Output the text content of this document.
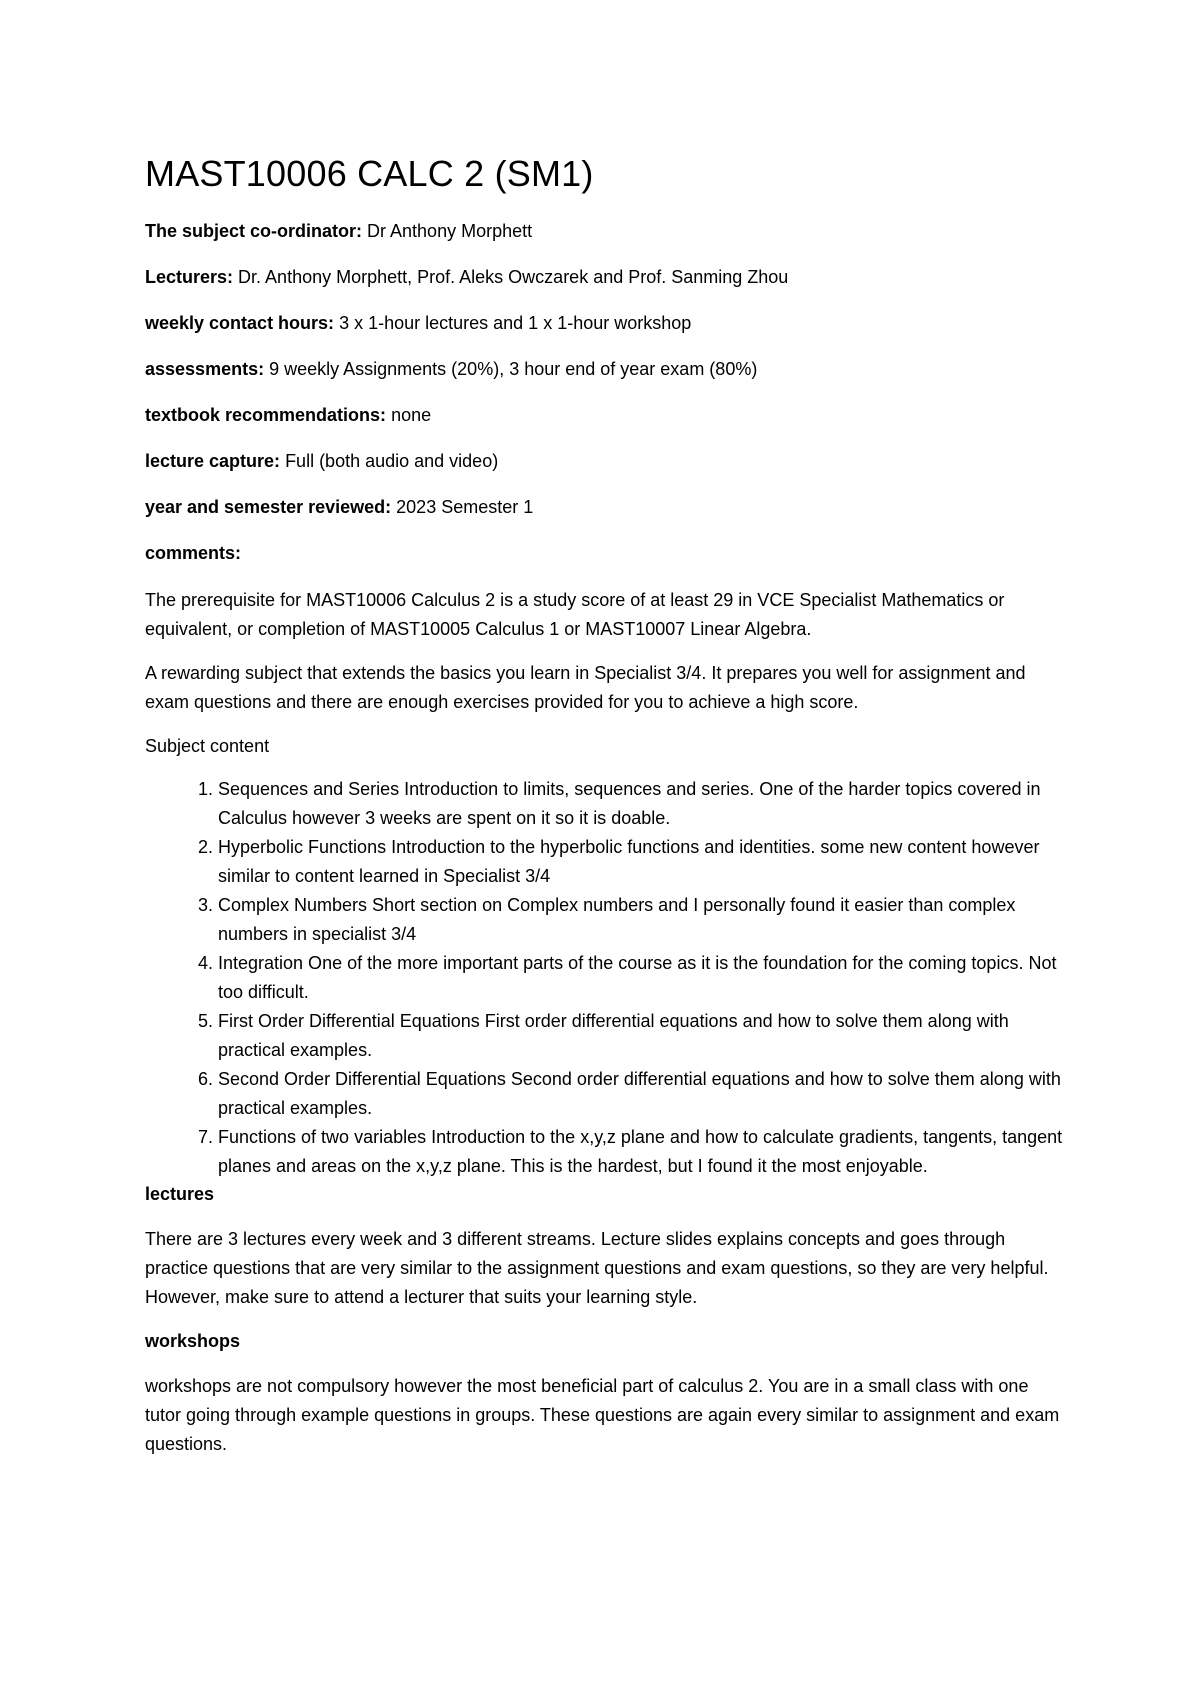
MAST10006 CALC 2 (SM1)

The subject co-ordinator: Dr Anthony Morphett

Lecturers: Dr. Anthony Morphett, Prof. Aleks Owczarek and Prof. Sanming Zhou

weekly contact hours: 3 x 1-hour lectures and 1 x 1-hour workshop

assessments: 9 weekly Assignments (20%), 3 hour end of year exam (80%)

textbook recommendations: none

lecture capture: Full (both audio and video)

year and semester reviewed: 2023 Semester 1

comments:

The prerequisite for MAST10006 Calculus 2 is a study score of at least 29 in VCE Specialist Mathematics or equivalent, or completion of MAST10005 Calculus 1 or MAST10007 Linear Algebra.

A rewarding subject that extends the basics you learn in Specialist 3/4. It prepares you well for assignment and exam questions and there are enough exercises provided for you to achieve a high score.

Subject content

1. Sequences and Series Introduction to limits, sequences and series. One of the harder topics covered in Calculus however 3 weeks are spent on it so it is doable.
2. Hyperbolic Functions Introduction to the hyperbolic functions and identities. some new content however similar to content learned in Specialist 3/4
3. Complex Numbers Short section on Complex numbers and I personally found it easier than complex numbers in specialist 3/4
4. Integration One of the more important parts of the course as it is the foundation for the coming topics. Not too difficult.
5. First Order Differential Equations First order differential equations and how to solve them along with practical examples.
6. Second Order Differential Equations Second order differential equations and how to solve them along with practical examples.
7. Functions of two variables Introduction to the x,y,z plane and how to calculate gradients, tangents, tangent planes and areas on the x,y,z plane. This is the hardest, but I found it the most enjoyable.

lectures

There are 3 lectures every week and 3 different streams. Lecture slides explains concepts and goes through practice questions that are very similar to the assignment questions and exam questions, so they are very helpful. However, make sure to attend a lecturer that suits your learning style.

workshops

workshops are not compulsory however the most beneficial part of calculus 2. You are in a small class with one tutor going through example questions in groups. These questions are again every similar to assignment and exam questions.
